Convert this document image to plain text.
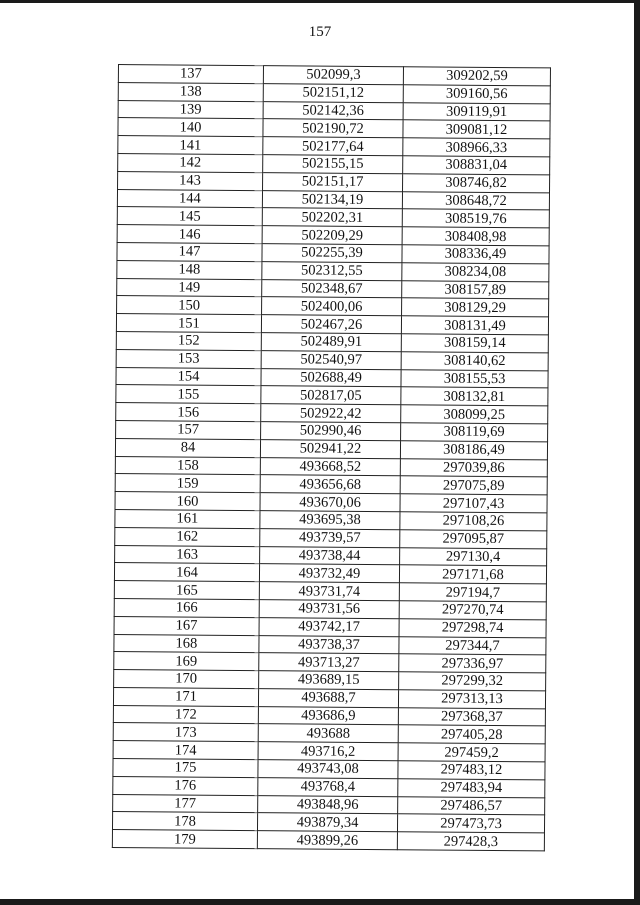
157
137	502099,3	309202,59
138	502151,12	309160,56
139	502142,36	309119,91
140	502190,72	309081,12
141	502177,64	308966,33
142	502155,15	308831,04
143	502151,17	308746,82
144	502134,19	308648,72
145	502202,31	308519,76
146	502209,29	308408,98
147	502255,39	308336,49
148	502312,55	308234,08
149	502348,67	308157,89
150	502400,06	308129,29
151	502467,26	308131,49
152	502489,91	308159,14
153	502540,97	308140,62
154	502688,49	308155,53
155	502817,05	308132,81
156	502922,42	308099,25
157	502990,46	308119,69
84	502941,22	308186,49
158	493668,52	297039,86
159	493656,68	297075,89
160	493670,06	297107,43
161	493695,38	297108,26
162	493739,57	297095,87
163	493738,44	297130,4
164	493732,49	297171,68
165	493731,74	297194,7
166	493731,56	297270,74
167	493742,17	297298,74
168	493738,37	297344,7
169	493713,27	297336,97
170	493689,15	297299,32
171	493688,7	297313,13
172	493686,9	297368,37
173	493688	297405,28
174	493716,2	297459,2
175	493743,08	297483,12
176	493768,4	297483,94
177	493848,96	297486,57
178	493879,34	297473,73
179	493899,26	297428,3
